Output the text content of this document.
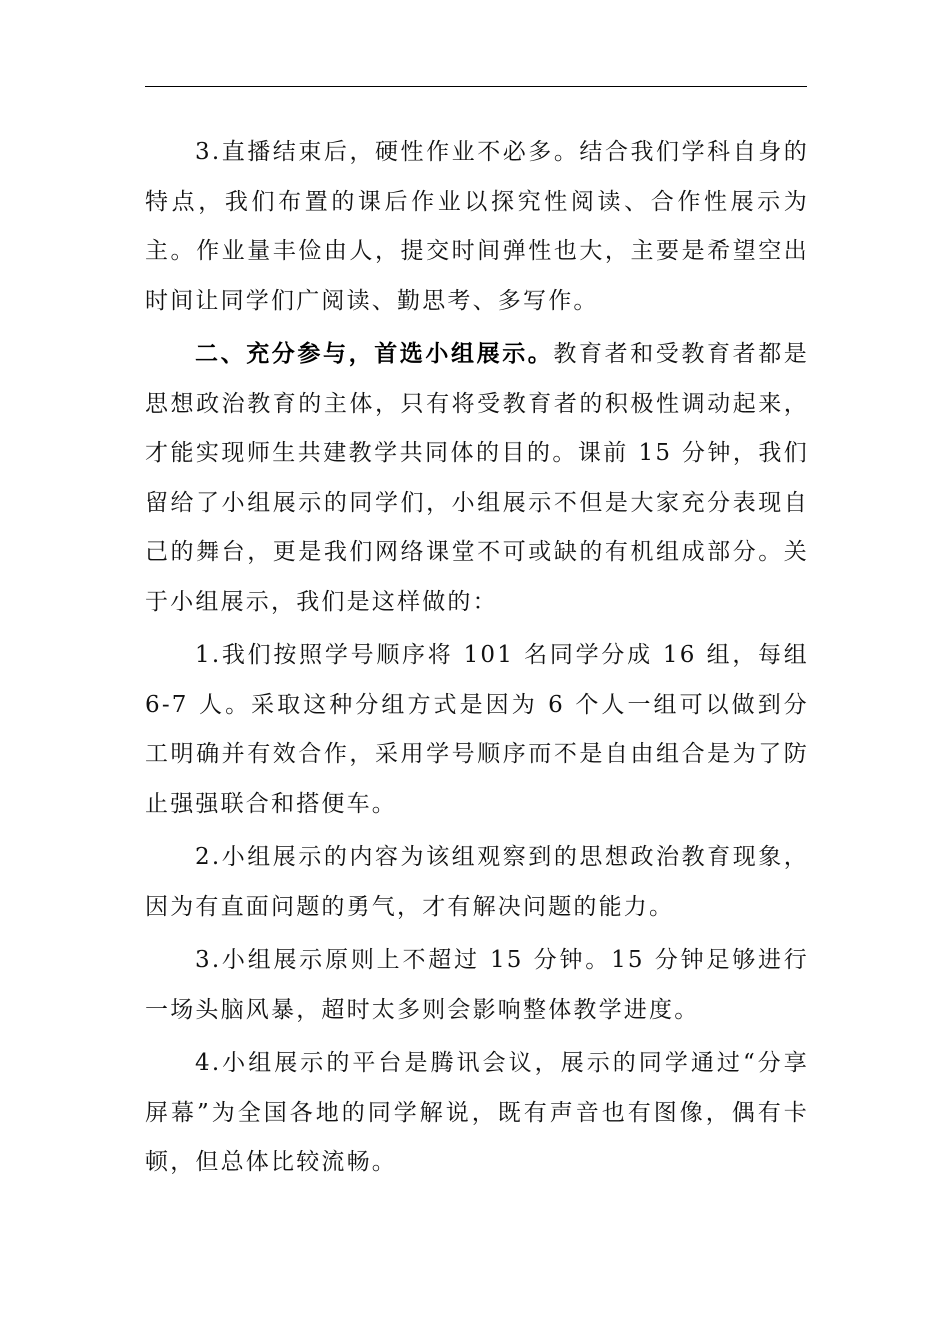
3.直播结束后，硬性作业不必多。结合我们学科自身的特点，我们布置的课后作业以探究性阅读、合作性展示为主。作业量丰俭由人，提交时间弹性也大，主要是希望空出时间让同学们广阅读、勤思考、多写作。

二、充分参与，首选小组展示。教育者和受教育者都是思想政治教育的主体，只有将受教育者的积极性调动起来，才能实现师生共建教学共同体的目的。课前 15 分钟，我们留给了小组展示的同学们，小组展示不但是大家充分表现自己的舞台，更是我们网络课堂不可或缺的有机组成部分。关于小组展示，我们是这样做的：

1.我们按照学号顺序将 101 名同学分成 16 组，每组 6-7 人。采取这种分组方式是因为 6 个人一组可以做到分工明确并有效合作，采用学号顺序而不是自由组合是为了防止强强联合和搭便车。

2.小组展示的内容为该组观察到的思想政治教育现象，因为有直面问题的勇气，才有解决问题的能力。

3.小组展示原则上不超过 15 分钟。15 分钟足够进行一场头脑风暴，超时太多则会影响整体教学进度。

4.小组展示的平台是腾讯会议，展示的同学通过“分享屏幕”为全国各地的同学解说，既有声音也有图像，偶有卡顿，但总体比较流畅。
